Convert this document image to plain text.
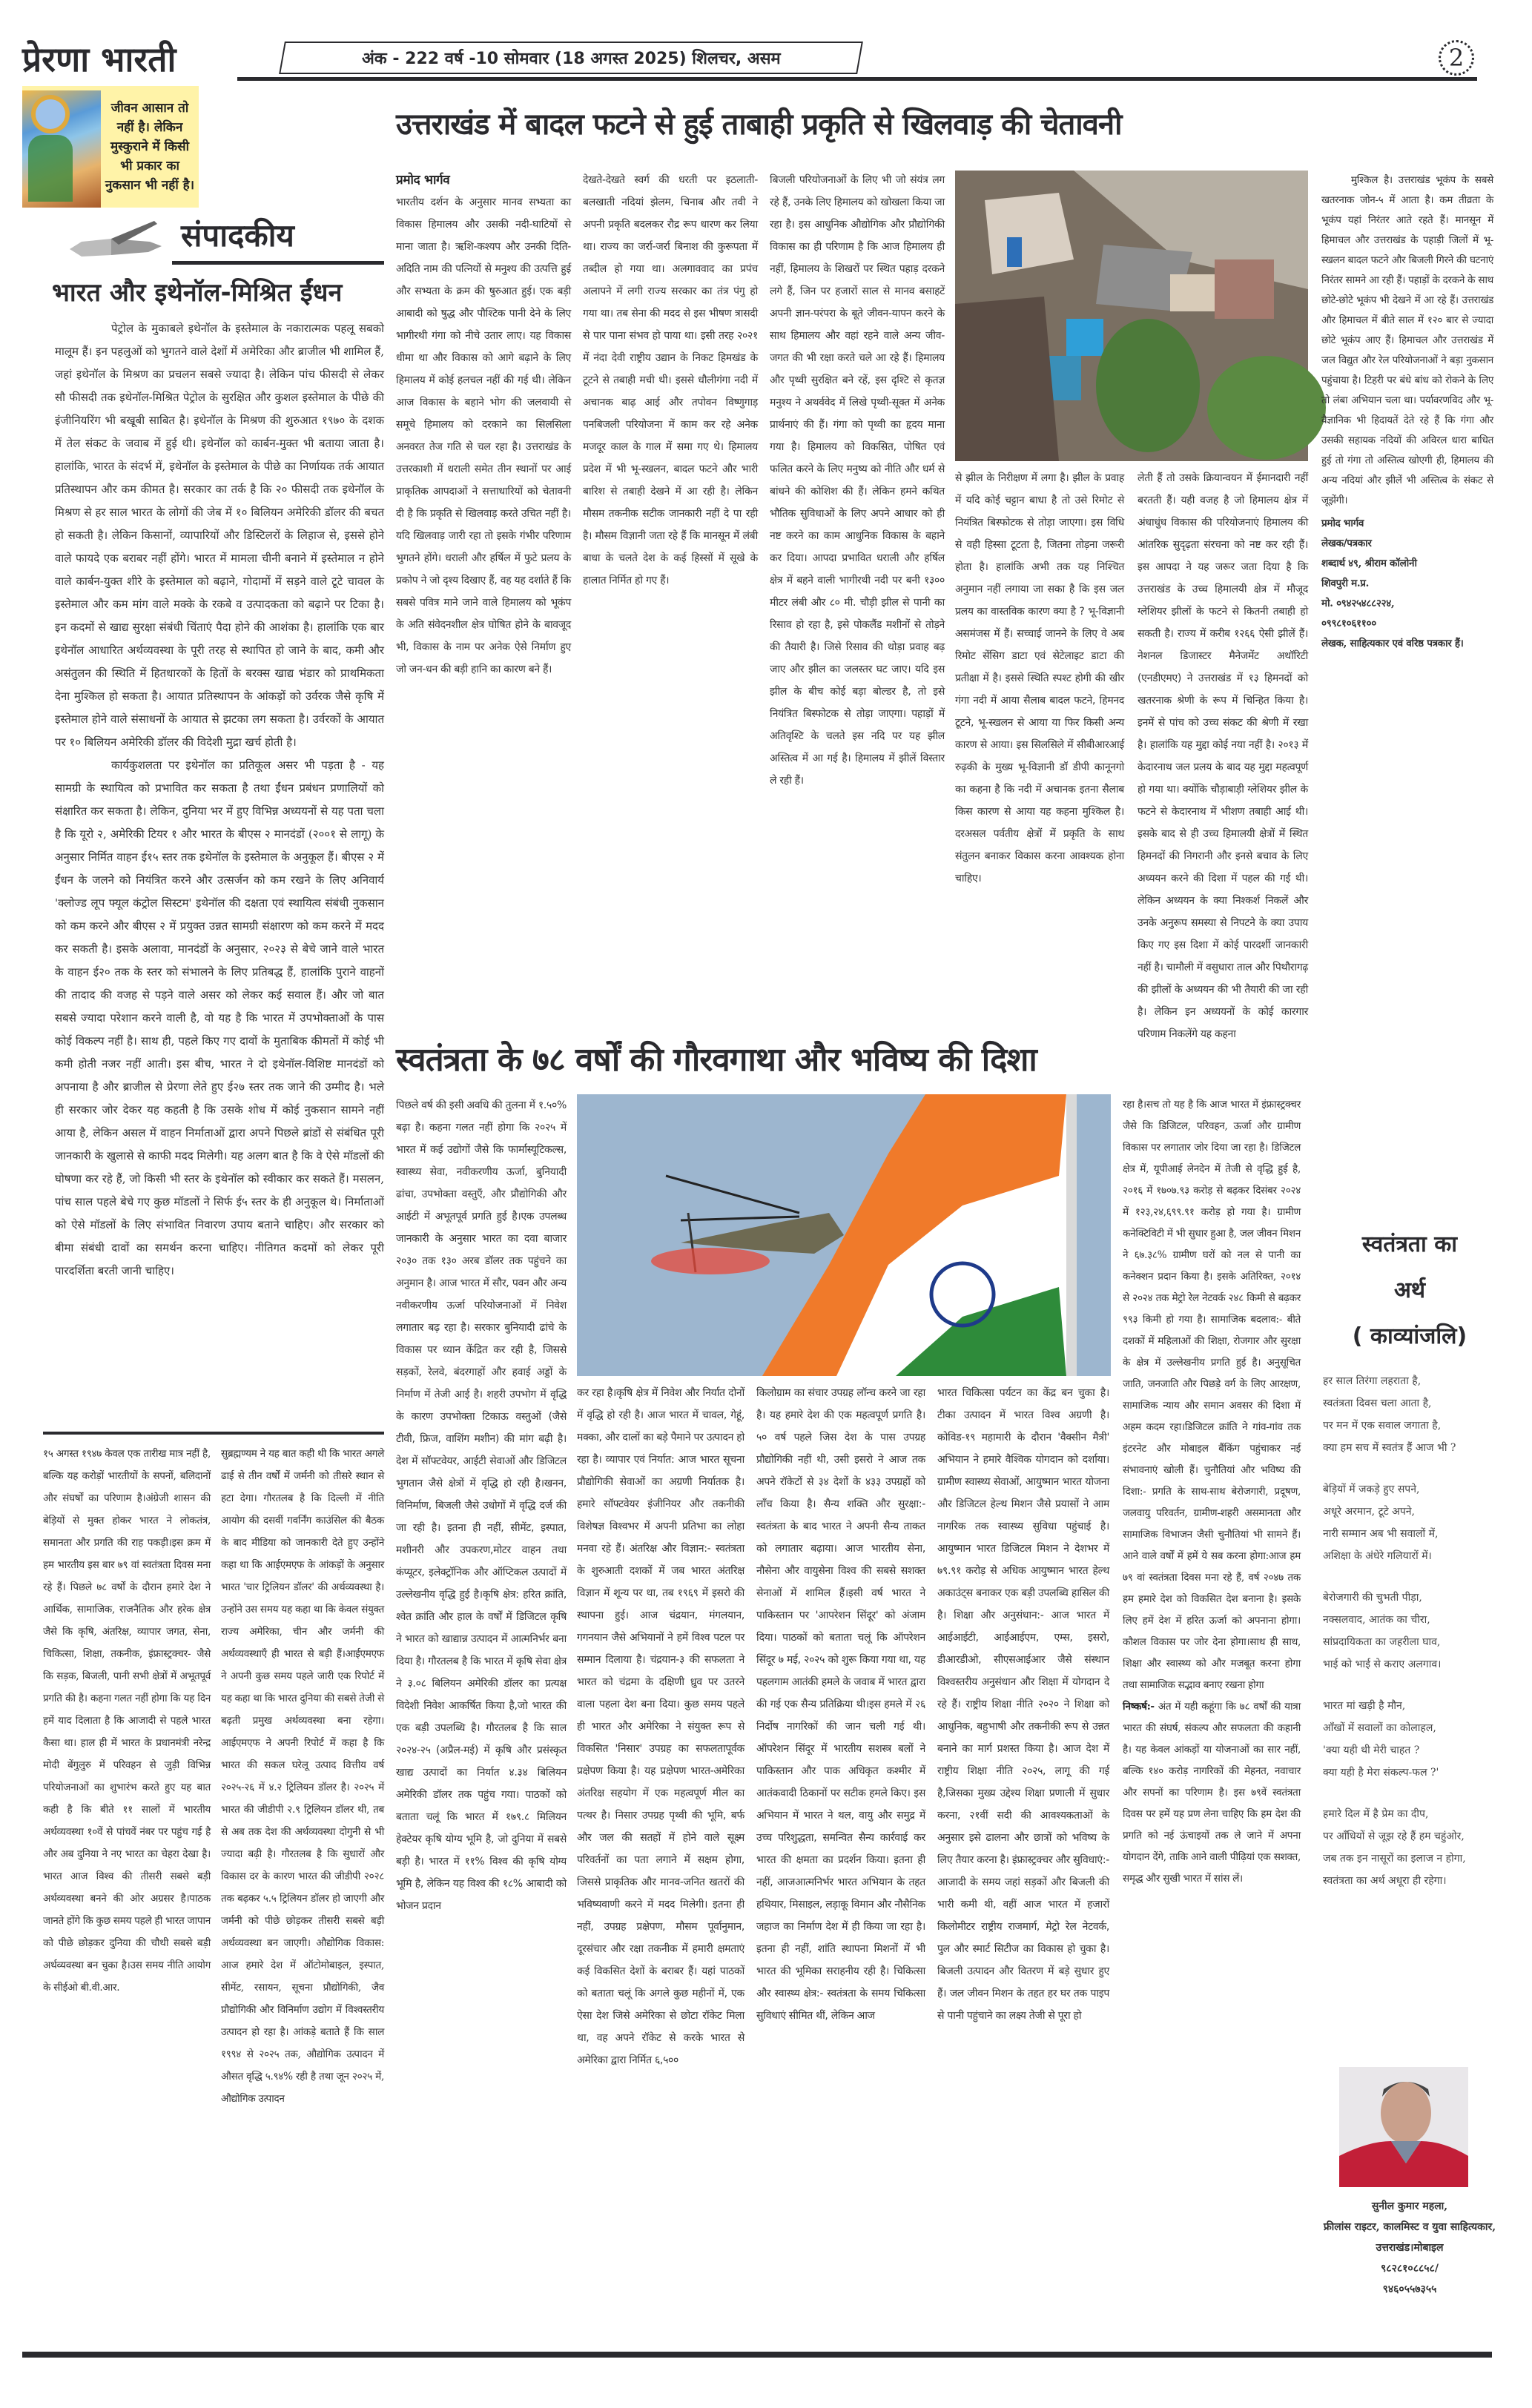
प्रेरणा भारती	अंक - 222 वर्ष -10 सोमवार (18 अगस्त 2025) शिलचर, असम	2
जीवन आसान तो नहीं है। लेकिन मुस्कुराने में किसी भी प्रकार का नुकसान भी नहीं है।
संपादकीय
भारत और इथेनॉल-मिश्रित ईंधन

पेट्रोल के मुकाबले इथेनॉल के इस्तेमाल के नकारात्मक पहलू सबको मालूम हैं। इन पहलुओं को भुगतने वाले देशों में अमेरिका और ब्राजील भी शामिल हैं, जहां इथेनॉल के मिश्रण का प्रचलन सबसे ज्यादा है। लेकिन पांच फीसदी से लेकर सौ फीसदी तक इथेनॉल-मिश्रित पेट्रोल के सुरक्षित और कुशल इस्तेमाल के पीछे की इंजीनियरिंग भी बखूबी साबित है। इथेनॉल के मिश्रण की शुरुआत १९७० के दशक में तेल संकट के जवाब में हुई थी। इथेनॉल को कार्बन-मुक्त भी बताया जाता है। हालांकि, भारत के संदर्भ में, इथेनॉल के इस्तेमाल के पीछे का निर्णायक तर्क आयात प्रतिस्थापन और कम कीमत है। सरकार का तर्क है कि २० फीसदी तक इथेनॉल के मिश्रण से हर साल भारत के लोगों की जेब में १० बिलियन अमेरिकी डॉलर की बचत हो सकती है। लेकिन किसानों, व्यापारियों और डिस्टिलरों के लिहाज से, इससे होने वाले फायदे एक बराबर नहीं होंगे। भारत में मामला चीनी बनाने में इस्तेमाल न होने वाले कार्बन-युक्त शीरे के इस्तेमाल को बढ़ाने, गोदामों में सड़ने वाले टूटे चावल के इस्तेमाल और कम मांग वाले मक्के के रकबे व उत्पादकता को बढ़ाने पर टिका है। इन कदमों से खाद्य सुरक्षा संबंधी चिंताएं पैदा होने की आशंका है। हालांकि एक बार इथेनॉल आधारित अर्थव्यवस्था के पूरी तरह से स्थापित हो जाने के बाद, कमी और असंतुलन की स्थिति में हितधारकों के हितों के बरक्स खाद्य भंडार को प्राथमिकता देना मुश्किल हो सकता है। आयात प्रतिस्थापन के आंकड़ों को उर्वरक जैसे कृषि में इस्तेमाल होने वाले संसाधनों के आयात से झटका लग सकता है। उर्वरकों के आयात पर १० बिलियन अमेरिकी डॉलर की विदेशी मुद्रा खर्च होती है।

कार्यकुशलता पर इथेनॉल का प्रतिकूल असर भी पड़ता है - यह सामग्री के स्थायित्व को प्रभावित कर सकता है तथा ईंधन प्रबंधन प्रणालियों को संक्षारित कर सकता है। लेकिन, दुनिया भर में हुए विभिन्न अध्ययनों से यह पता चला है कि यूरो २, अमेरिकी टियर १ और भारत के बीएस २ मानदंडों (२००१ से लागू) के अनुसार निर्मित वाहन ई१५ स्तर तक इथेनॉल के इस्तेमाल के अनुकूल हैं। बीएस २ में ईंधन के जलने को नियंत्रित करने और उत्सर्जन को कम रखने के लिए अनिवार्य 'क्लोज्ड लूप फ्यूल कंट्रोल सिस्टम' इथेनॉल की दक्षता एवं स्थायित्व संबंधी नुकसान को कम करने और बीएस २ में प्रयुक्त उन्नत सामग्री संक्षारण को कम करने में मदद कर सकती है। इसके अलावा, मानदंडों के अनुसार, २०२३ से बेचे जाने वाले भारत के वाहन ई२० तक के स्तर को संभालने के लिए प्रतिबद्ध हैं, हालांकि पुराने वाहनों की तादाद की वजह से पड़ने वाले असर को लेकर कई सवाल हैं। और जो बात सबसे ज्यादा परेशान करने वाली है, वो यह है कि भारत में उपभोक्ताओं के पास कोई विकल्प नहीं है। साथ ही, पहले किए गए दावों के मुताबिक कीमतों में कोई भी कमी होती नजर नहीं आती। इस बीच, भारत ने दो इथेनॉल-विशिष्ट मानदंडों को अपनाया है और ब्राजील से प्रेरणा लेते हुए ई२७ स्तर तक जाने की उम्मीद है। भले ही सरकार जोर देकर यह कहती है कि उसके शोध में कोई नुकसान सामने नहीं आया है, लेकिन असल में वाहन निर्माताओं द्वारा अपने पिछले ब्रांडों से संबंधित पूरी जानकारी के खुलासे से काफी मदद मिलेगी। यह अलग बात है कि वे ऐसे मॉडलों की घोषणा कर रहे हैं, जो किसी भी स्तर के इथेनॉल को स्वीकार कर सकते हैं। मसलन, पांच साल पहले बेचे गए कुछ मॉडलों ने सिर्फ ई५ स्तर के ही अनुकूल थे। निर्माताओं को ऐसे मॉडलों के लिए संभावित निवारण उपाय बताने चाहिए। और सरकार को बीमा संबंधी दावों का समर्थन करना चाहिए। नीतिगत कदमों को लेकर पूरी पारदर्शिता बरती जानी चाहिए।

उत्तराखंड में बादल फटने से हुई ताबाही प्रकृति से खिलवाड़ की चेतावनी

प्रमोद भार्गव

भारतीय दर्शन के अनुसार मानव सभ्यता का विकास हिमालय और उसकी नदी-घाटियों से माना जाता है। ऋशि-कश्यप और उनकी दिति-अदिति नाम की पत्नियों से मनुश्य की उत्पत्ति हुई और सभ्यता के क्रम की षुरुआत हुई। एक बड़ी आबादी को षुद्ध और पौश्टिक पानी देने के लिए भागीरथी गंगा को नीचे उतार लाए। यह विकास धीमा था और विकास को आगे बढ़ाने के लिए हिमालय में कोई हलचल नहीं की गई थी। लेकिन आज विकास के बहाने भोग की जलवायी से समूचे हिमालय को दरकाने का सिलसिला अनवरत तेज गति से चल रहा है। उत्तराखंड के उत्तरकाशी में धराली समेत तीन स्थानों पर आई प्राकृतिक आपदाओं ने सत्ताधारियों को चेतावनी दी है कि प्रकृति से खिलवाड़ करते उचित नहीं है। यदि खिलवाड़ जारी रहा तो इसके गंभीर परिणाम भुगतने होंगे। धराली और हर्षिल में फुटे प्रलय के प्रकोप ने जो दृश्य दिखाए हैं, वह यह दर्शाते हैं कि सबसे पवित्र माने जाने वाले हिमालय को भूकंप के अति संवेदनशील क्षेत्र घोषित होने के बावजूद भी, विकास के नाम पर अनेक ऐसे निर्माण हुए जो जन-धन की बड़ी हानि का कारण बने हैं।

देखते-देखते स्वर्ग की धरती पर इठलाती-बलखाती नदियां झेलम, चिनाब और तवी ने अपनी प्रकृति बदलकर रौद्र रूप धारण कर लिया था। राज्य का जर्रा-जर्रा बिनाश की कुरूपता में तब्दील हो गया था। अलगाववाद का प्रपंच अलापने में लगी राज्य सरकार का तंत्र पंगु हो गया था। तब सेना की मदद से इस भीषण त्रासदी से पार पाना संभव हो पाया था। इसी तरह २०२१ में नंदा देवी राष्ट्रीय उद्यान के निकट हिमखंड के टूटने से तबाही मची थी। इससे धौलीगंगा नदी में अचानक बाढ़ आई और तपोवन विष्णुगाड़ पनबिजली परियोजना में काम कर रहे अनेक मजदूर काल के गाल में समा गए थे। हिमालय प्रदेश में भी भू-स्खलन, बादल फटने और भारी बारिश से तबाही देखने में आ रही है। लेकिन मौसम तकनीक सटीक जानकारी नहीं दे पा रही है। मौसम विज्ञानी जता रहे हैं कि मानसून में लंबी बाधा के चलते देश के कई हिस्सों में सूखे के हालात निर्मित हो गए हैं।

बिजली परियोजनाओं के लिए भी जो संयंत्र लग रहे हैं, उनके लिए हिमालय को खोखला किया जा रहा है। इस आधुनिक औद्योगिक और प्रौद्योगिकी विकास का ही परिणाम है कि आज हिमालय ही नहीं, हिमालय के शिखरों पर स्थित पहाड़ दरकने लगे हैं, जिन पर हजारों साल से मानव बसाहटें अपनी ज्ञान-परंपरा के बूते जीवन-यापन करने के साथ हिमालय और वहां रहने वाले अन्य जीव-जगत की भी रक्षा करते चले आ रहे हैं। हिमालय और पृथ्वी सुरक्षित बने रहें, इस दृश्टि से कृतज्ञ मनुश्य ने अथर्ववेद में लिखे पृथ्वी-सूक्त में अनेक प्रार्थनाएं की हैं। गंगा को पृथ्वी का हृदय माना गया है। हिमालय को विकसित, पोषित एवं फलित करने के लिए मनुष्य को नीति और धर्म से बांधने की कोशिश की हैं। लेकिन हमने कथित भौतिक सुविधाओं के लिए अपने आधार को ही नष्ट करने का काम आधुनिक विकास के बहाने कर दिया। आपदा प्रभावित धराली और हर्षिल क्षेत्र में बहने वाली भागीरथी नदी पर बनी १३०० मीटर लंबी और ८० मी. चौड़ी झील से पानी का रिसाव हो रहा है, इसे पोकलैंड मशीनों से तोड़ने की तैयारी है। जिसे रिसाव की थोड़ा प्रवाह बढ़ जाए और झील का जलस्तर घट जाए। यदि इस झील के बीच कोई बड़ा बोल्डर है, तो इसे नियंत्रित बिस्फोटक से तोड़ा जाएगा। पहाड़ों में अतिवृश्टि के चलते इस नदि पर यह झील अस्तित्व में आ गई है। हिमालय में झीलें विस्तार ले रही हैं।

से झील के निरीक्षण में लगा है। झील के प्रवाह में यदि कोई चट्टान बाधा है तो उसे रिमोट से नियंत्रित बिस्फोटक से तोड़ा जाएगा। इस विधि से वही हिस्सा टूटता है, जितना तोड़ना जरूरी होता है। हालांकि अभी तक यह निश्चित अनुमान नहीं लगाया जा सका है कि इस जल प्रलय का वास्तविक कारण क्या है ? भू-विज्ञानी असमंजस में हैं। सच्चाई जानने के लिए वे अब रिमोट सेंसिग डाटा एवं सेटेलाइट डाटा की प्रतीक्षा में है। इससे स्थिति स्पश्ट होगी की खीर गंगा नदी में आया सैलाब बादल फटने, हिमनद टूटने, भू-स्खलन से आया या फिर किसी अन्य कारण से आया। इस सिलसिले में सीबीआरआई रुढ़की के मुख्य भू-विज्ञानी डॉ डीपी कानूनगो का कहना है कि नदी में अचानक इतना सैलाब किस कारण से आया यह कहना मुश्किल है। दरअसल पर्वतीय क्षेत्रों में प्रकृति के साथ संतुलन बनाकर विकास करना आवश्यक होना चाहिए।

लेती हैं तो उसके क्रियान्वयन में ईमानदारी नहीं बरतती हैं। यही वजह है जो हिमालय क्षेत्र में अंधाधुंध विकास की परियोजनाएं हिमालय की आंतरिक सुदृढ़ता संरचना को नष्ट कर रही हैं। इस आपदा ने यह जरूर जता दिया है कि उत्तराखंड के उच्च हिमालयी क्षेत्र में मौजूद ग्लेशियर झीलों के फटने से कितनी तबाही हो सकती है। राज्य में करीब १२६६ ऐसी झीलें हैं। नेशनल डिजास्टर मैनेजमेंट अथॉरिटी (एनडीएमए) ने उत्तराखंड में १३ हिमनदों को खतरनाक श्रेणी के रूप में चिन्हित किया है। इनमें से पांच को उच्च संकट की श्रेणी में रखा है। हालांकि यह मुद्दा कोई नया नहीं है। २०१३ में केदारनाथ जल प्रलय के बाद यह मुद्दा महत्वपूर्ण हो गया था। क्योंकि चौड़ाबाड़ी ग्लेशियर झील के फटने से केदारनाथ में भीशण तबाही आई थी। इसके बाद से ही उच्च हिमालयी क्षेत्रों में स्थित हिमनदों की निगरानी और इनसे बचाव के लिए अध्ययन करने की दिशा में पहल की गई थी। लेकिन अध्ययन के क्या निश्कर्श निकलें और उनके अनुरूप समस्या से निपटने के क्या उपाय किए गए इस दिशा में कोई पारदर्शी जानकारी नहीं है। चामौली में वसुधारा ताल और पिथौरागढ़ की झीलों के अध्ययन की भी तैयारी की जा रही है। लेकिन इन अध्ययनों के कोई कारगार परिणाम निकलेंगे यह कहना

मुश्किल है। उत्तराखंड भूकंप के सबसे खतरनाक जोन-५ में आता है। कम तीव्रता के भूकंप यहां निरंतर आते रहते हैं। मानसून में हिमाचल और उत्तराखंड के पहाड़ी जिलों में भू-स्खलन बादल फटने और बिजली गिरने की घटनाएं निरंतर सामने आ रही हैं। पहाड़ों के दरकने के साथ छोटे-छोटे भूकंप भी देखने में आ रहे हैं। उत्तराखंड और हिमाचल में बीते साल में १२० बार से ज्यादा छोटे भूकंप आए हैं। हिमाचल और उत्तराखंड में जल विद्युत और रेल परियोजनाओं ने बड़ा नुकसान पहुंचाया है। टिहरी पर बंधे बांध को रोकने के लिए तो लंबा अभियान चला था। पर्यावरणविद और भू-वैज्ञानिक भी हिदायतें देते रहे हैं कि गंगा और उसकी सहायक नदियों की अविरल धारा बाधित हुई तो गंगा तो अस्तित्व खोएगी ही, हिमालय की अन्य नदियां और झीलें भी अस्तित्व के संकट से जूझेंगी।

प्रमोद भार्गव

लेखक/पत्रकार

शब्दार्थ ४९, श्रीराम कॉलोनी

शिवपुरी म.प्र.

मो. ०९४२५४८८२२४,

०९९८१०६११००

लेखक, साहित्यकार एवं वरिष्ठ पत्रकार हैं।

स्वतंत्रता के ७८ वर्षों की गौरवगाथा और भविष्य की दिशा

१५ अगस्त १९४७ केवल एक तारीख मात्र नहीं है, बल्कि यह करोड़ों भारतीयों के सपनों, बलिदानों और संघर्षों का परिणाम है।अंग्रेजी शासन की बेड़ियों से मुक्त होकर भारत ने लोकतंत्र, समानता और प्रगति की राह पकड़ी।इस क्रम में हम भारतीय इस बार ७९ वां स्वतंत्रता दिवस मना रहे हैं। पिछले ७८ वर्षों के दौरान हमारे देश ने आर्थिक, सामाजिक, राजनैतिक और हरेक क्षेत्र जैसे कि कृषि, अंतरिक्ष, व्यापार जगत, सेना, चिकित्सा, शिक्षा, तकनीक, इंफ्रास्ट्रक्चर- जैसे कि सड़क, बिजली, पानी सभी क्षेत्रों में अभूतपूर्व प्रगति की है। कहना गलत नहीं होगा कि यह दिन हमें याद दिलाता है कि आजादी से पहले भारत कैसा था। हाल ही में भारत के प्रधानमंत्री नरेन्द्र मोदी बेंगुलुरु में परिवहन से जुड़ी विभिन्न परियोजनाओं का शुभारंभ करते हुए यह बात कही है कि बीते ११ सालों में भारतीय अर्थव्यवस्था १०वें से पांचवें नंबर पर पहुंच गई है और अब दुनिया ने नए भारत का चेहरा देखा है।भारत आज विश्व की तीसरी सबसे बड़ी अर्थव्यवस्था बनने की ओर अग्रसर है।पाठक जानते होंगे कि कुछ समय पहले ही भारत जापान को पीछे छोड़कर दुनिया की चौथी सबसे बड़ी अर्थव्यवस्था बन चुका है।उस समय नीति आयोग के सीईओ बी.वी.आर.

सुब्रह्मण्यम ने यह बात कही थी कि भारत अगले ढाई से तीन वर्षों में जर्मनी को तीसरे स्थान से हटा देगा। गौरतलब है कि दिल्ली में नीति आयोग की दसवीं गवर्निंग काउंसिल की बैठक के बाद मीडिया को जानकारी देते हुए उन्होंने कहा था कि आईएमएफ के आंकड़ों के अनुसार भारत 'चार ट्रिलियन डॉलर' की अर्थव्यवस्था है। उन्होंने उस समय यह कहा था कि केवल संयुक्त राज्य अमेरिका, चीन और जर्मनी की अर्थव्यवस्थाएँ ही भारत से बड़ी हैं।आईएमएफ ने अपनी कुछ समय पहले जारी एक रिपोर्ट में यह कहा था कि भारत दुनिया की सबसे तेजी से बढ़ती प्रमुख अर्थव्यवस्था बना रहेगा। आईएमएफ ने अपनी रिपोर्ट में कहा है कि भारत की सकल घरेलू उत्पाद वित्तीय वर्ष २०२५-२६ में ४.२ ट्रिलियन डॉलर है। २०२५ में भारत की जीडीपी २.९ ट्रिलियन डॉलर थी, तब से अब तक देश की अर्थव्यवस्था दोगुनी से भी ज्यादा बढ़ी है। गौरतलब है कि सुधारों और विकास दर के कारण भारत की जीडीपी २०२८ तक बढ़कर ५.५ ट्रिलियन डॉलर हो जाएगी और जर्मनी को पीछे छोड़कर तीसरी सबसे बड़ी अर्थव्यवस्था बन जाएगी। औद्योगिक विकास: आज हमारे देश में ऑटोमोबाइल, इस्पात, सीमेंट, रसायन, सूचना प्रौद्योगिकी, जैव प्रौद्योगिकी और विनिर्माण उद्योग में विश्वस्तरीय उत्पादन हो रहा है। आंकड़े बताते हैं कि साल १९९४ से २०२५ तक, औद्योगिक उत्पादन में औसत वृद्धि ५.९४% रही है तथा जून २०२५ में, औद्योगिक उत्पादन

पिछले वर्ष की इसी अवधि की तुलना में १.५०% बढ़ा है। कहना गलत नहीं होगा कि २०२५ में भारत में कई उद्योगों जैसे कि फार्मास्यूटिकल्स, स्वास्थ्य सेवा, नवीकरणीय ऊर्जा, बुनियादी ढांचा, उपभोक्ता वस्तुएँ, और प्रौद्योगिकी और आईटी में अभूतपूर्व प्रगति हुई है।एक उपलब्ध जानकारी के अनुसार भारत का दवा बाजार २०३० तक १३० अरब डॉलर तक पहुंचने का अनुमान है। आज भारत में सौर, पवन और अन्य नवीकरणीय ऊर्जा परियोजनाओं में निवेश लगातार बढ़ रहा है। सरकार बुनियादी ढांचे के विकास पर ध्यान केंद्रित कर रही है, जिससे सड़कों, रेलवे, बंदरगाहों और हवाई अड्डों के निर्माण में तेजी आई है। शहरी उपभोग में वृद्धि के कारण उपभोक्ता टिकाऊ वस्तुओं (जैसे टीवी, फ्रिज, वाशिंग मशीन) की मांग बढ़ी है। देश में सॉफ्टवेयर, आईटी सेवाओं और डिजिटल भुगतान जैसे क्षेत्रों में वृद्धि हो रही है।खनन, विनिर्माण, बिजली जैसे उधोगों में वृद्धि दर्ज की जा रही है। इतना ही नहीं, सीमेंट, इस्पात, मशीनरी और उपकरण,मोटर वाहन तथा कंप्यूटर, इलेक्ट्रॉनिक और ऑप्टिकल उत्पादों में उल्लेखनीय वृद्धि हुई है।कृषि क्षेत्र: हरित क्रांति, श्वेत क्रांति और हाल के वर्षों में डिजिटल कृषि ने भारत को खाद्यान्न उत्पादन में आत्मनिर्भर बना दिया है। गौरतलब है कि भारत में कृषि सेवा क्षेत्र ने ३.०८ बिलियन अमेरिकी डॉलर का प्रत्यक्ष विदेशी निवेश आकर्षित किया है,जो भारत की एक बड़ी उपलब्धि है। गौरतलब है कि साल २०२४-२५ (अप्रैल-मई) में कृषि और प्रसंस्कृत खाद्य उत्पादों का निर्यात ४.३४ बिलियन अमेरिकी डॉलर तक पहुंच गया। पाठकों को बताता चलूं कि भारत में १७९.८ मिलियन हेक्टेयर कृषि योग्य भूमि है, जो दुनिया में सबसे बड़ी है। भारत में ११% विश्व की कृषि योग्य भूमि है, लेकिन यह विश्व की १८% आबादी को भोजन प्रदान

कर रहा है।कृषि क्षेत्र में निवेश और निर्यात दोनों में वृद्धि हो रही है। आज भारत में चावल, गेहूं, मक्का, और दालों का बड़े पैमाने पर उत्पादन हो रहा है। व्यापार एवं निर्यात: आज भारत सूचना प्रौद्योगिकी सेवाओं का अग्रणी निर्यातक है। हमारे सॉफ्टवेयर इंजीनियर और तकनीकी विशेषज्ञ विश्वभर में अपनी प्रतिभा का लोहा मनवा रहे हैं। अंतरिक्ष और विज्ञान:- स्वतंत्रता के शुरुआती दशकों में जब भारत अंतरिक्ष विज्ञान में शून्य पर था, तब १९६९ में इसरो की स्थापना हुई। आज चंद्रयान, मंगलयान, गगनयान जैसे अभियानों ने हमें विश्व पटल पर सम्मान दिलाया है। चंद्रयान-३ की सफलता ने भारत को चंद्रमा के दक्षिणी ध्रुव पर उतरने वाला पहला देश बना दिया। कुछ समय पहले ही भारत और अमेरिका ने संयुक्त रूप से विकसित 'निसार' उपग्रह का सफलतापूर्वक प्रक्षेपण किया है। यह प्रक्षेपण भारत-अमेरिका अंतरिक्ष सहयोग में एक महत्वपूर्ण मील का पत्थर है। निसार उपग्रह पृथ्वी की भूमि, बर्फ और जल की सतहों में होने वाले सूक्ष्म परिवर्तनों का पता लगाने में सक्षम होगा, जिससे प्राकृतिक और मानव-जनित खतरों की भविष्यवाणी करने में मदद मिलेगी। इतना ही नहीं, उपग्रह प्रक्षेपण, मौसम पूर्वानुमान, दूरसंचार और रक्षा तकनीक में हमारी क्षमताएं कई विकसित देशों के बराबर हैं। यहां पाठकों को बताता चलूं कि अगले कुछ महीनों में, एक ऐसा देश जिसे अमेरिका से छोटा रॉकेट मिला था, वह अपने रॉकेट से करके भारत से अमेरिका द्वारा निर्मित ६,५००

किलोग्राम का संचार उपग्रह लॉन्च करने जा रहा है। यह हमारे देश की एक महत्वपूर्ण प्रगति है। ५० वर्ष पहले जिस देश के पास उपग्रह प्रौद्योगिकी नहीं थी, उसी इसरो ने आज तक अपने रॉकेटों से ३४ देशों के ४३३ उपग्रहों को लॉंच किया है। सैन्य शक्ति और सुरक्षा:-स्वतंत्रता के बाद भारत ने अपनी सैन्य ताकत को लगातार बढ़ाया। आज भारतीय सेना, नौसेना और वायुसेना विश्व की सबसे सशक्त सेनाओं में शामिल हैं।इसी वर्ष भारत ने पाकिस्तान पर 'आपरेशन सिंदूर' को अंजाम दिया। पाठकों को बताता चलूं कि ऑपरेशन सिंदूर ७ मई, २०२५ को शुरू किया गया था, यह पहलगाम आतंकी हमले के जवाब में भारत द्वारा की गई एक सैन्य प्रतिक्रिया थी।इस हमले में २६ निर्दोष नागरिकों की जान चली गई थी। ऑपरेशन सिंदूर में भारतीय सशस्त्र बलों ने पाकिस्तान और पाक अधिकृत कश्मीर में आतंकवादी ठिकानों पर सटीक हमले किए। इस अभियान में भारत ने थल, वायु और समुद्र में उच्च परिशुद्धता, समन्वित सैन्य कार्रवाई कर भारत की क्षमता का प्रदर्शन किया। इतना ही नहीं, आजआत्मनिर्भर भारत अभियान के तहत हथियार, मिसाइल, लड़ाकू विमान और नौसैनिक जहाज का निर्माण देश में ही किया जा रहा है। इतना ही नहीं, शांति स्थापना मिशनों में भी भारत की भूमिका सराहनीय रही है। चिकित्सा और स्वास्थ्य क्षेत्र:- स्वतंत्रता के समय चिकित्सा सुविधाएं सीमित थीं, लेकिन आज

भारत चिकित्सा पर्यटन का केंद्र बन चुका है। टीका उत्पादन में भारत विश्व अग्रणी है। कोविड-१९ महामारी के दौरान 'वैक्सीन मैत्री' अभियान ने हमारे वैश्विक योगदान को दर्शाया। ग्रामीण स्वास्थ्य सेवाओं, आयुष्मान भारत योजना और डिजिटल हेल्थ मिशन जैसे प्रयासों ने आम नागरिक तक स्वास्थ्य सुविधा पहुंचाई है।आयुष्मान भारत डिजिटल मिशन ने देशभर में ७९.९१ करोड़ से अधिक आयुष्मान भारत हेल्थ अकाउंट्स बनाकर एक बड़ी उपलब्धि हासिल की है। शिक्षा और अनुसंधान:- आज भारत में आईआईटी, आईआईएम, एम्स, इसरो, डीआरडीओ, सीएसआईआर जैसे संस्थान विश्वस्तरीय अनुसंधान और शिक्षा में योगदान दे रहे हैं। राष्ट्रीय शिक्षा नीति २०२० ने शिक्षा को आधुनिक, बहुभाषी और तकनीकी रूप से उन्नत बनाने का मार्ग प्रशस्त किया है। आज देश में राष्ट्रीय शिक्षा नीति २०२५, लागू की गई है,जिसका मुख्य उद्देश्य शिक्षा प्रणाली में सुधार करना, २१वीं सदी की आवश्यकताओं के अनुसार इसे ढालना और छात्रों को भविष्य के लिए तैयार करना है। इंफ्रास्ट्रक्चर और सुविधाएं:- आजादी के समय जहां सड़कों और बिजली की भारी कमी थी, वहीं आज भारत में हजारों किलोमीटर राष्ट्रीय राजमार्ग, मेट्रो रेल नेटवर्क, पुल और स्मार्ट सिटीज का विकास हो चुका है। बिजली उत्पादन और वितरण में बड़े सुधार हुए हैं। जल जीवन मिशन के तहत हर घर तक पाइप से पानी पहुंचाने का लक्ष्य तेजी से पूरा हो

रहा है।सच तो यह है कि आज भारत में इंफ्रास्ट्रक्चर जैसे कि डिजिटल, परिवहन, ऊर्जा और ग्रामीण विकास पर लगातार जोर दिया जा रहा है। डिजिटल क्षेत्र में, यूपीआई लेनदेन में तेजी से वृद्धि हुई है, २०१६ में १७०७.९३ करोड़ से बढ़कर दिसंबर २०२४ में १२३,२४,६९९.९१ करोड़ हो गया है। ग्रामीण कनेक्टिविटी में भी सुधार हुआ है, जल जीवन मिशन ने ६७.३८% ग्रामीण घरों को नल से पानी का कनेक्शन प्रदान किया है। इसके अतिरिक्त, २०१४ से २०२४ तक मेट्रो रेल नेटवर्क २४८ किमी से बढ़कर ९९३ किमी हो गया है। सामाजिक बदलाव:- बीते दशकों में महिलाओं की शिक्षा, रोजगार और सुरक्षा के क्षेत्र में उल्लेखनीय प्रगति हुई है। अनुसूचित जाति, जनजाति और पिछड़े वर्ग के लिए आरक्षण, सामाजिक न्याय और समान अवसर की दिशा में अहम कदम रहा।डिजिटल क्रांति ने गांव-गांव तक इंटरनेट और मोबाइल बैंकिंग पहुंचाकर नई संभावनाएं खोली हैं। चुनौतियां और भविष्य की दिशा:- प्रगति के साथ-साथ बेरोजगारी, प्रदूषण, जलवायु परिवर्तन, ग्रामीण-शहरी असमानता और सामाजिक विभाजन जैसी चुनौतियां भी सामने हैं।आने वाले वर्षों में हमें ये सब करना होगा:आज हम ७९ वां स्वतंत्रता दिवस मना रहे हैं, वर्ष २०४७ तक हम हमारे देश को विकसित देश बनाना है। इसके लिए हमें देश में हरित ऊर्जा को अपनाना होगा।कौशल विकास पर जोर देना होगा।साथ ही साथ, शिक्षा और स्वास्थ्य को और मजबूत करना होगा तथा सामाजिक सद्भाव बनाए रखना होगा

निष्कर्ष:- अंत में यही कहूंगा कि ७८ वर्षों की यात्रा भारत की संघर्ष, संकल्प और सफलता की कहानी है। यह केवल आंकड़ों या योजनाओं का सार नहीं, बल्कि १४० करोड़ नागरिकों की मेहनत, नवाचार और सपनों का परिणाम है। इस ७९वें स्वतंत्रता दिवस पर हमें यह प्रण लेना चाहिए कि हम देश की प्रगति को नई ऊंचाइयों तक ले जाने में अपना योगदान देंगे, ताकि आने वाली पीढ़ियां एक सशक्त, समृद्ध और सुखी भारत में सांस लें।

स्वतंत्रता का
अर्थ
( काव्यांजलि)
हर साल तिरंगा लहराता है,
स्वतंत्रता दिवस चला आता है,
पर मन में एक सवाल जगाता है,
क्या हम सच में स्वतंत्र हैं आज भी ?
बेड़ियों में जकड़े हुए सपने,
अधूरे अरमान, टूटे अपने,
नारी सम्मान अब भी सवालों में,
अशिक्षा के अंधेरे गलियारों में।
बेरोजगारी की चुभती पीड़ा,
नक्सलवाद, आतंक का चीरा,
सांप्रदायिकता का जहरीला घाव,
भाई को भाई से कराए अलगाव।
भारत मां खड़ी है मौन,
आँखों में सवालों का कोलाहल,
'क्या यही थी मेरी चाहत ?
क्या यही है मेरा संकल्प-फल ?'
हमारे दिल में है प्रेम का दीप,
पर आँधियों से जूझ रहे हैं हम चहुंओर,
जब तक इन नासूरों का इलाज न होगा,
स्वतंत्रता का अर्थ अधूरा ही रहेगा।
सुनील कुमार महला,
फ्रीलांस राइटर, कालमिस्ट व युवा साहित्यकार,
उत्तराखंड।मोबाइल
९८२८१०८८५८/
९४६०५५७३५५
